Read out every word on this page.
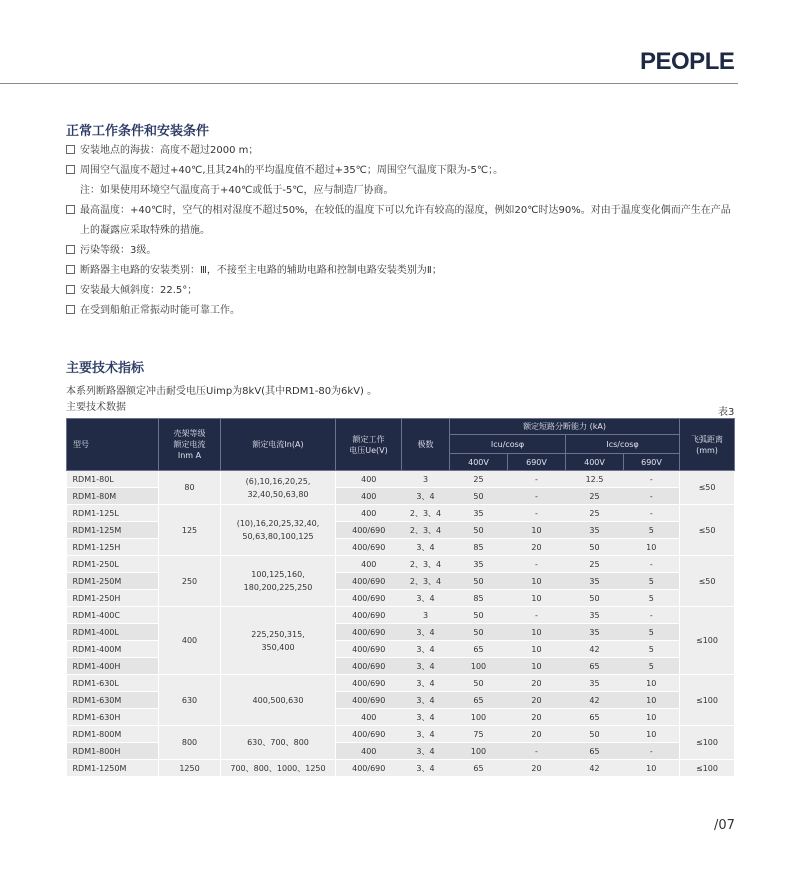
PEOPLE
正常工作条件和安装条件
安装地点的海拔：高度不超过2000 m；
周围空气温度不超过+40℃,且其24h的平均温度值不超过+35℃；周围空气温度下限为-5℃；。
注：如果使用环境空气温度高于+40℃或低于-5℃，应与制造厂协商。
最高温度：+40℃时，空气的相对湿度不超过50%，在较低的温度下可以允许有较高的湿度，例如20℃时达90%。对由于温度变化偶而产生在产品
上的凝露应采取特殊的措施。
污染等级：3级。
断路器主电路的安装类别：Ⅲ，不接至主电路的辅助电路和控制电路安装类别为Ⅱ；
安装最大倾斜度：22.5°；
在受到船舶正常振动时能可靠工作。
主要技术指标
本系列断路器额定冲击耐受电压Uimp为8kV(其中RDM1-80为6kV) 。
主要技术数据	表3
型号	壳架等级
额定电流
Inm A	额定电流In(A)	额定工作
电压Ue(V)	极数	额定短路分断能力 (kA)				飞弧距离
(mm)
					Icu/cosφ		Ics/cosφ		
					400V	690V	400V	690V	
RDM1-80L	80	(6),10,16,20,25,
32,40,50,63,80	400	3	25	-	12.5	-	≤50
RDM1-80M			400	3、4	50	-	25	-	
RDM1-125L	125	(10),16,20,25,32,40,
50,63,80,100,125	400	2、3、4	35	-	25	-	≤50
RDM1-125M			400/690	2、3、4	50	10	35	5	
RDM1-125H			400/690	3、4	85	20	50	10	
RDM1-250L	250	100,125,160,
180,200,225,250	400	2、3、4	35	-	25	-	≤50
RDM1-250M			400/690	2、3、4	50	10	35	5	
RDM1-250H			400/690	3、4	85	10	50	5	
RDM1-400C	400	225,250,315,
350,400	400/690	3	50	-	35	-	≤100
RDM1-400L			400/690	3、4	50	10	35	5	
RDM1-400M			400/690	3、4	65	10	42	5	
RDM1-400H			400/690	3、4	100	10	65	5	
RDM1-630L	630	400,500,630	400/690	3、4	50	20	35	10	≤100
RDM1-630M			400/690	3、4	65	20	42	10	
RDM1-630H			400	3、4	100	20	65	10	
RDM1-800M	800	630、700、800	400/690	3、4	75	20	50	10	≤100
RDM1-800H			400	3、4	100	-	65	-	
RDM1-1250M	1250	700、800、1000、1250	400/690	3、4	65	20	42	10	≤100
/07
